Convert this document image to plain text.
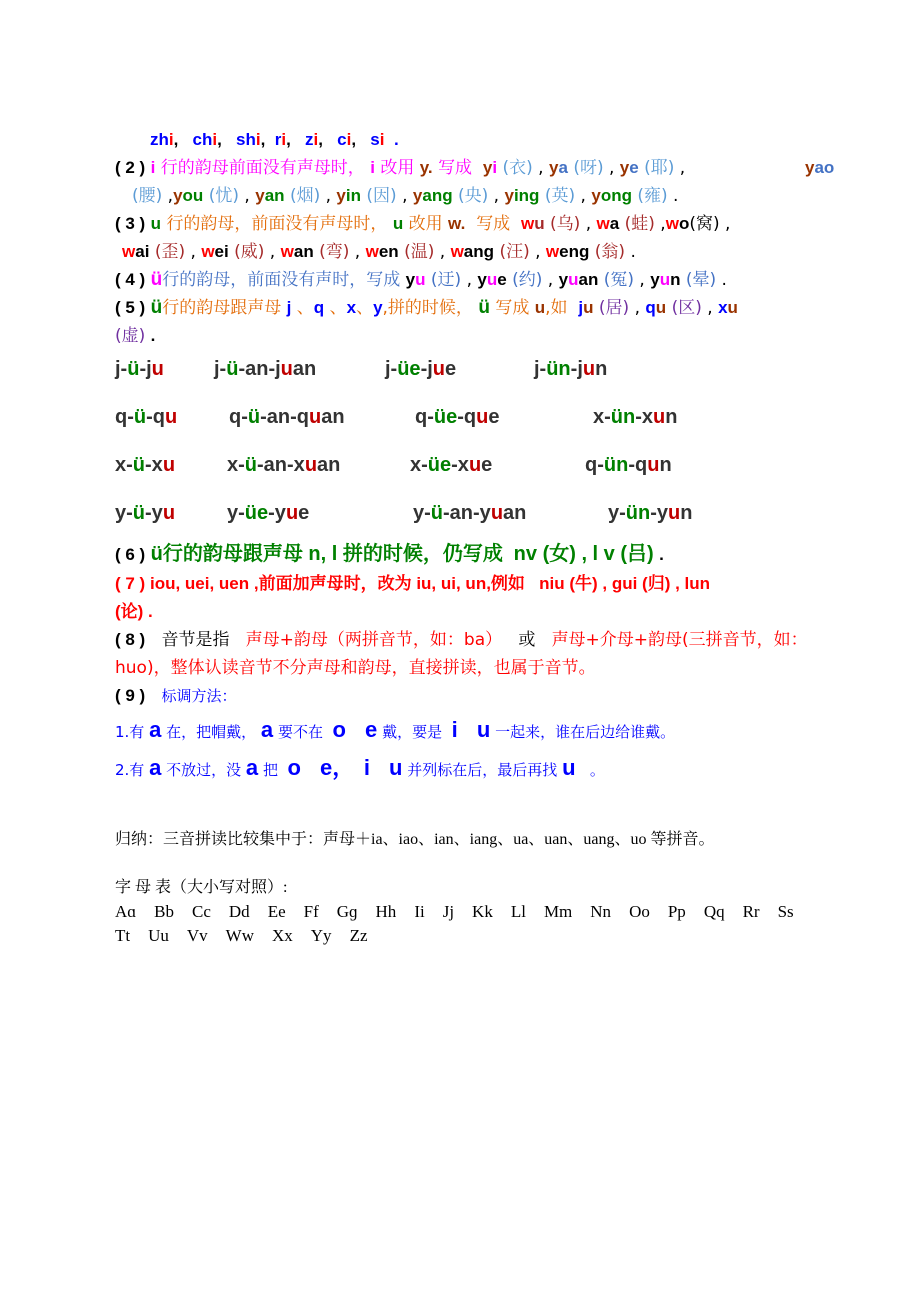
zhi,   chi,   shi,  ri,   zi,   ci,   si .
( 2 ) i 行的韵母前面没有声母时， i 改用 y. 写成 yi (衣) , ya (呀) , ye (耶) ,	yao
(腰) ,you (忧) , yan (烟) , yin (因) , yang (央) , ying (英) , yong (雍) .
( 3 ) u 行的韵母，前面没有声母时， u 改用 w. 写成 wu (乌) , wa (蛙) ,wo(窝) ,
wai (歪) , wei (威) , wan (弯) , wen (温) , wang (汪) , weng (翁) .
( 4 ) ü行的韵母，前面没有声时，写成 yu (迂) , yue (约) , yuan (冤) , yun (晕) .
( 5 ) ü行的韵母跟声母 j 、q 、x、y,拼的时候， ü 写成 u,如 ju (居) , qu (区) , xu
(虚) .
j-ü-ju	j-ü-an-juan	j-üe-jue	j-ün-jun
q-ü-qu	q-ü-an-quan	q-üe-que	x-ün-xun
x-ü-xu	x-ü-an-xuan	x-üe-xue	q-ün-qun
y-ü-yu	y-üe-yue	y-ü-an-yuan	y-ün-yun
( 6 ) ü行的韵母跟声母 n, l 拼的时候，仍写成 nv (女) , l v (吕) .
( 7 ) iou, uei, uen ,前面加声母时，改为 iu, ui, un,例如 niu (牛) , gui (归) , lun
(论) .
( 8 ) 音节是指 声母+韵母（两拼音节，如：ba） 或 声母+介母+韵母(三拼音节，如：
huo)，整体认读音节不分声母和韵母，直接拼读，也属于音节。
( 9 ) 标调方法：
1.有 a 在，把帽戴， a 要不在 o e 戴，要是 i u 一起来，谁在后边给谁戴。
2.有 a 不放过，没 a 把 o e， i u 并列标在后，最后再找 u 。
归纳：三音拼读比较集中于：声母＋ia、iao、ian、iang、ua、uan、uang、uo 等拼音。
字 母 表（大小写对照）:
Aɑ Bb Cc Dd Ee Ff Gɡ Hh Ii Jj Kk Ll Mm Nn Oo Pp Qq Rr Ss
Tt Uu Vv Ww Xx Yy Zz
